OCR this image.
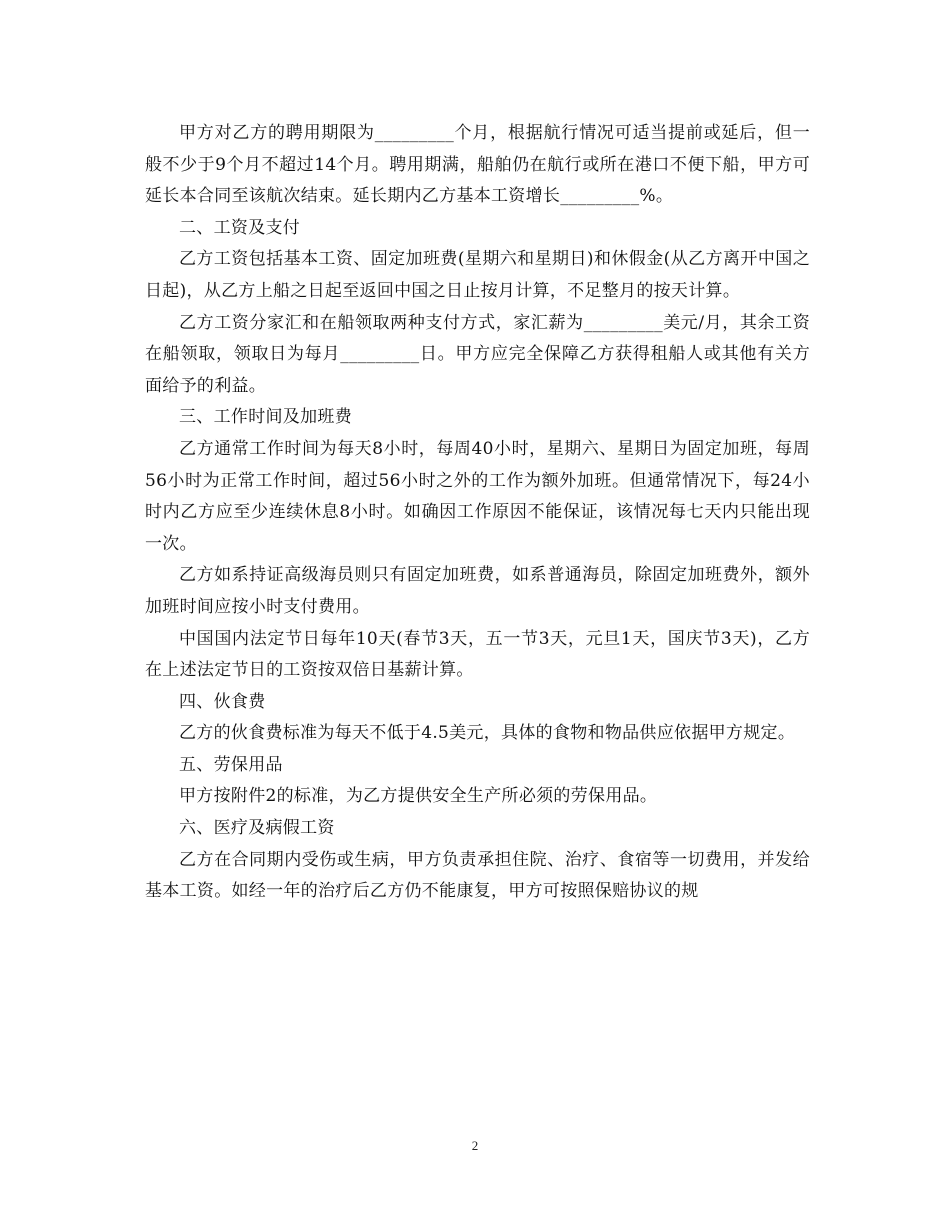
甲方对乙方的聘用期限为_________个月，根据航行情况可适当提前或延后，但一般不少于9个月不超过14个月。聘用期满，船舶仍在航行或所在港口不便下船，甲方可延长本合同至该航次结束。延长期内乙方基本工资增长_________%。

二、工资及支付

乙方工资包括基本工资、固定加班费(星期六和星期日)和休假金(从乙方离开中国之日起)，从乙方上船之日起至返回中国之日止按月计算，不足整月的按天计算。

乙方工资分家汇和在船领取两种支付方式，家汇薪为_________美元/月，其余工资在船领取，领取日为每月_________日。甲方应完全保障乙方获得租船人或其他有关方面给予的利益。

三、工作时间及加班费

乙方通常工作时间为每天8小时，每周40小时，星期六、星期日为固定加班，每周56小时为正常工作时间，超过56小时之外的工作为额外加班。但通常情况下，每24小时内乙方应至少连续休息8小时。如确因工作原因不能保证，该情况每七天内只能出现一次。

乙方如系持证高级海员则只有固定加班费，如系普通海员，除固定加班费外，额外加班时间应按小时支付费用。

中国国内法定节日每年10天(春节3天，五一节3天，元旦1天，国庆节3天)，乙方在上述法定节日的工资按双倍日基薪计算。

四、伙食费

乙方的伙食费标准为每天不低于4.5美元，具体的食物和物品供应依据甲方规定。

五、劳保用品

甲方按附件2的标准，为乙方提供安全生产所必须的劳保用品。

六、医疗及病假工资

乙方在合同期内受伤或生病，甲方负责承担住院、治疗、食宿等一切费用，并发给基本工资。如经一年的治疗后乙方仍不能康复，甲方可按照保赔协议的规

2
